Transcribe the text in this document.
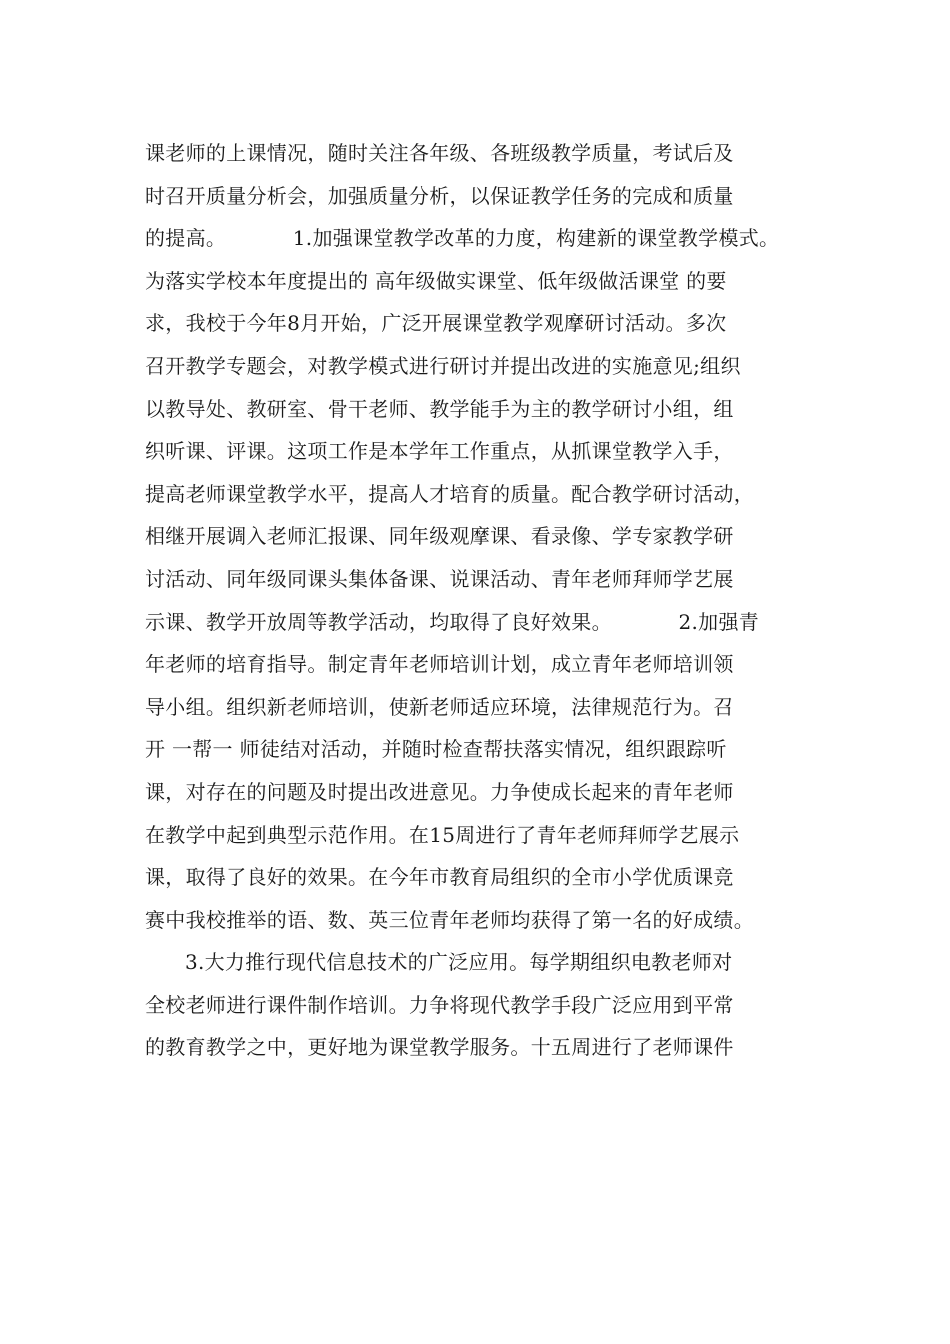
课老师的上课情况，随时关注各年级、各班级教学质量，考试后及
时召开质量分析会，加强质量分析，以保证教学任务的完成和质量
的提高。          1.加强课堂教学改革的力度，构建新的课堂教学模式。
为落实学校本年度提出的 高年级做实课堂、低年级做活课堂 的要
求，我校于今年8月开始，广泛开展课堂教学观摩研讨活动。多次
召开教学专题会，对教学模式进行研讨并提出改进的实施意见;组织
以教导处、教研室、骨干老师、教学能手为主的教学研讨小组，组
织听课、评课。这项工作是本学年工作重点，从抓课堂教学入手，
提高老师课堂教学水平，提高人才培育的质量。配合教学研讨活动，
相继开展调入老师汇报课、同年级观摩课、看录像、学专家教学研
讨活动、同年级同课头集体备课、说课活动、青年老师拜师学艺展
示课、教学开放周等教学活动，均取得了良好效果。          2.加强青
年老师的培育指导。制定青年老师培训计划，成立青年老师培训领
导小组。组织新老师培训，使新老师适应环境，法律规范行为。召
开 一帮一 师徒结对活动，并随时检查帮扶落实情况，组织跟踪听
课，对存在的问题及时提出改进意见。力争使成长起来的青年老师
在教学中起到典型示范作用。在15周进行了青年老师拜师学艺展示
课，取得了良好的效果。在今年市教育局组织的全市小学优质课竞
赛中我校推举的语、数、英三位青年老师均获得了第一名的好成绩。
3.大力推行现代信息技术的广泛应用。每学期组织电教老师对
全校老师进行课件制作培训。力争将现代教学手段广泛应用到平常
的教育教学之中，更好地为课堂教学服务。十五周进行了老师课件
